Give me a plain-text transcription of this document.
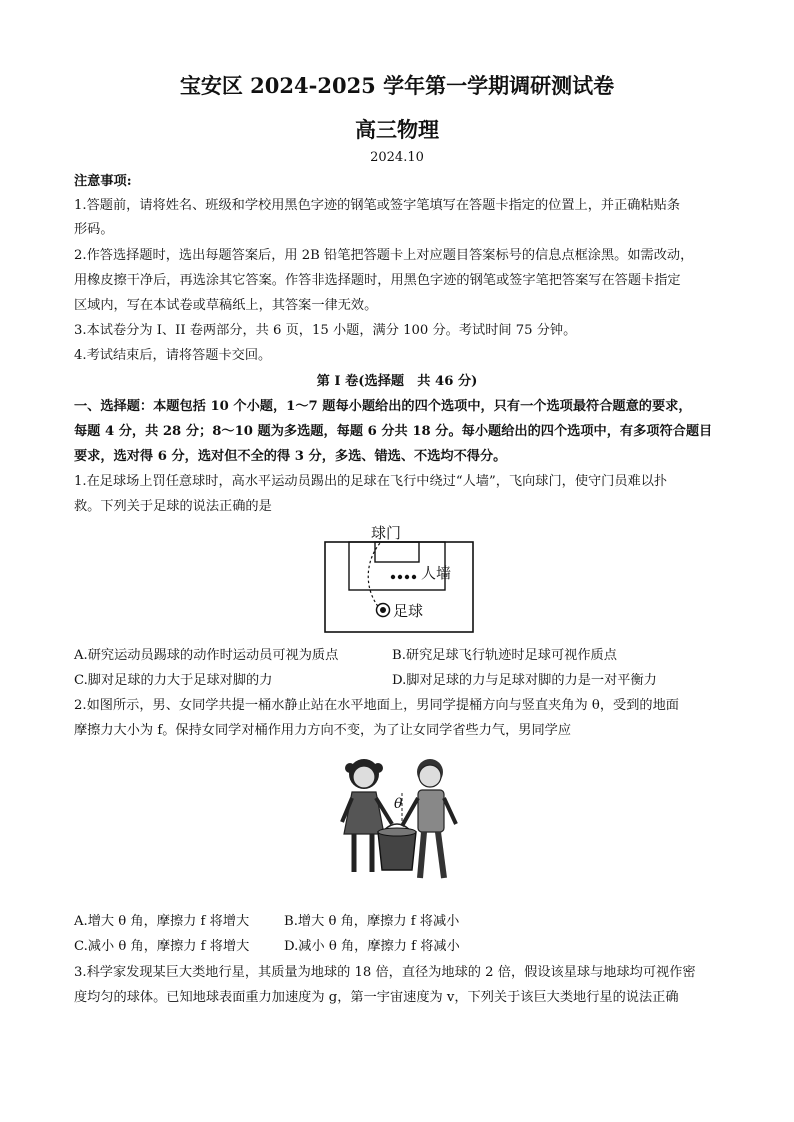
宝安区 2024-2025 学年第一学期调研测试卷
高三物理
2024.10
注意事项:
1.答题前，请将姓名、班级和学校用黑色字迹的钢笔或签字笔填写在答题卡指定的位置上，并正确粘贴条
形码。
2.作答选择题时，选出每题答案后，用 2B 铅笔把答题卡上对应题目答案标号的信息点框涂黑。如需改动，
用橡皮擦干净后，再选涂其它答案。作答非选择题时，用黑色字迹的钢笔或签字笔把答案写在答题卡指定
区域内，写在本试卷或草稿纸上，其答案一律无效。
3.本试卷分为 I、II 卷两部分，共 6 页，15 小题，满分 100 分。考试时间 75 分钟。
4.考试结束后，请将答题卡交回。
第 I 卷(选择题　共 46 分)
一、选择题：本题包括 10 个小题，1～7 题每小题给出的四个选项中，只有一个选项最符合题意的要求，
每题 4 分，共 28 分；8～10 题为多选题，每题 6 分共 18 分。每小题给出的四个选项中，有多项符合题目
要求，选对得 6 分，选对但不全的得 3 分，多选、错选、不选均不得分。
1.在足球场上罚任意球时，高水平运动员踢出的足球在飞行中绕过“人墙”，飞向球门，使守门员难以扑
救。下列关于足球的说法正确的是
球门
人墙
足球
A.研究运动员踢球的动作时运动员可视为质点	B.研究足球飞行轨迹时足球可视作质点
C.脚对足球的力大于足球对脚的力	D.脚对足球的力与足球对脚的力是一对平衡力
2.如图所示，男、女同学共提一桶水静止站在水平地面上，男同学提桶方向与竖直夹角为 θ，受到的地面
摩擦力大小为 f。保持女同学对桶作用力方向不变，为了让女同学省些力气，男同学应
θ
A.增大 θ 角，摩擦力 f 将增大	B.增大 θ 角，摩擦力 f 将减小
C.减小 θ 角，摩擦力 f 将增大	D.减小 θ 角，摩擦力 f 将减小
3.科学家发现某巨大类地行星，其质量为地球的 18 倍，直径为地球的 2 倍，假设该星球与地球均可视作密
度均匀的球体。已知地球表面重力加速度为 g，第一宇宙速度为 v，下列关于该巨大类地行星的说法正确
